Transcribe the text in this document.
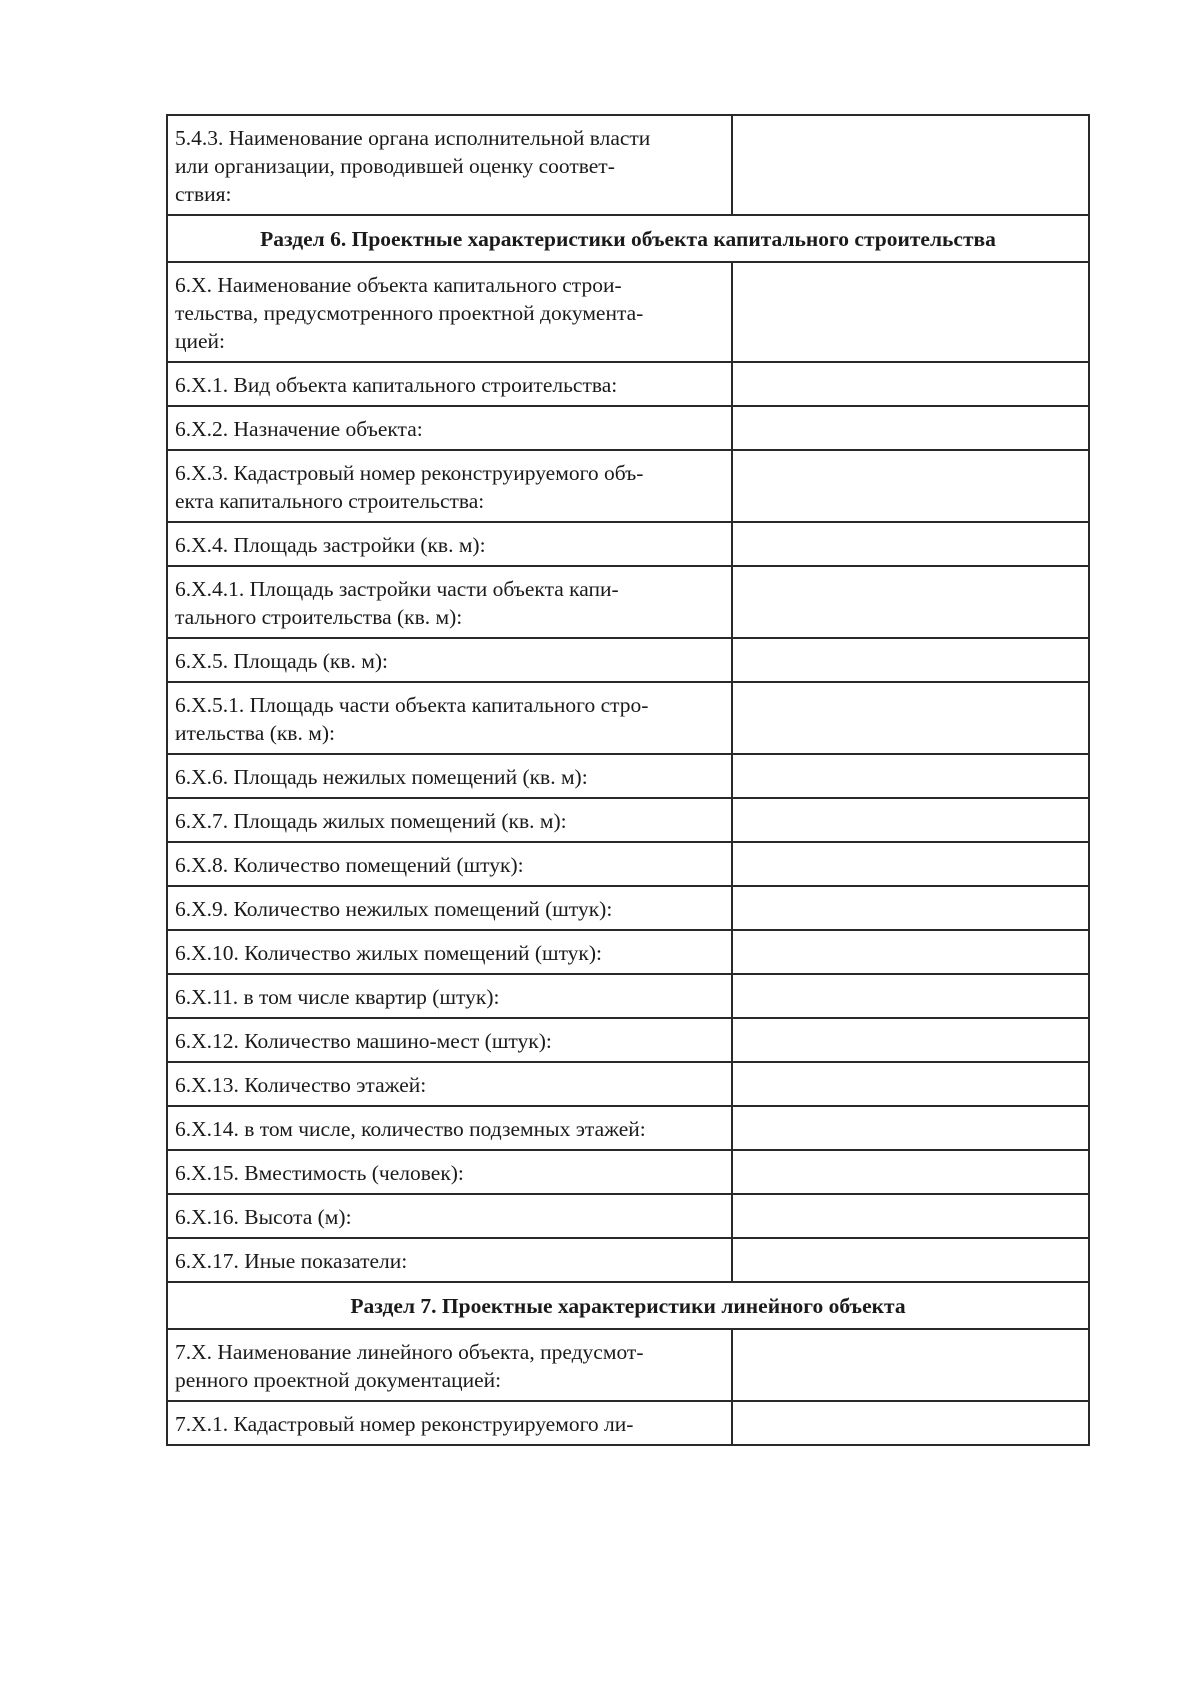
5.4.3. Наименование органа исполнительной власти
или организации, проводившей оценку соответ-
ствия:	
Раздел 6. Проектные характеристики объекта капитального строительства	
6.Х. Наименование объекта капитального строи-
тельства, предусмотренного проектной документа-
цией:	
6.Х.1. Вид объекта капитального строительства:	
6.Х.2. Назначение объекта:	
6.Х.3. Кадастровый номер реконструируемого объ-
екта капитального строительства:	
6.Х.4. Площадь застройки (кв. м):	
6.Х.4.1. Площадь застройки части объекта капи-
тального строительства (кв. м):	
6.Х.5. Площадь (кв. м):	
6.Х.5.1. Площадь части объекта капитального стро-
ительства (кв. м):	
6.Х.6. Площадь нежилых помещений (кв. м):	
6.Х.7. Площадь жилых помещений (кв. м):	
6.Х.8. Количество помещений (штук):	
6.Х.9. Количество нежилых помещений (штук):	
6.Х.10. Количество жилых помещений (штук):	
6.Х.11. в том числе квартир (штук):	
6.Х.12. Количество машино-мест (штук):	
6.Х.13. Количество этажей:	
6.Х.14. в том числе, количество подземных этажей:	
6.Х.15. Вместимость (человек):	
6.Х.16. Высота (м):	
6.Х.17. Иные показатели:	
Раздел 7. Проектные характеристики линейного объекта	
7.Х. Наименование линейного объекта, предусмот-
ренного проектной документацией:	
7.Х.1. Кадастровый номер реконструируемого ли-	
